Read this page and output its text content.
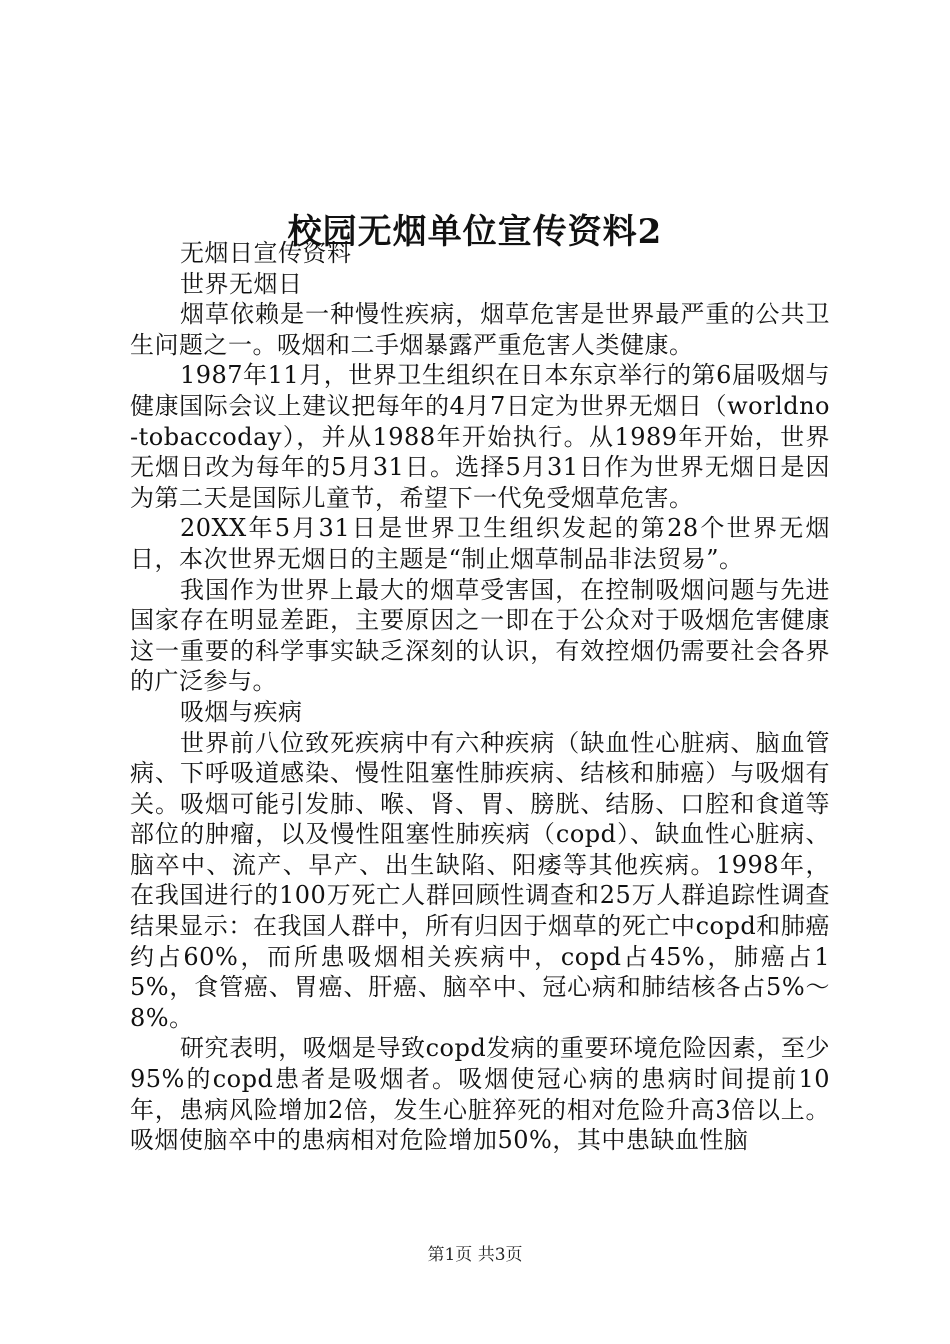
校园无烟单位宣传资料2

无烟日宣传资料

世界无烟日

烟草依赖是一种慢性疾病，烟草危害是世界最严重的公共卫生问题之一。吸烟和二手烟暴露严重危害人类健康。

1987年11月，世界卫生组织在日本东京举行的第6届吸烟与健康国际会议上建议把每年的4月7日定为世界无烟日（worldno-tobaccoday），并从1988年开始执行。从1989年开始，世界无烟日改为每年的5月31日。选择5月31日作为世界无烟日是因为第二天是国际儿童节，希望下一代免受烟草危害。

20XX年5月31日是世界卫生组织发起的第28个世界无烟日，本次世界无烟日的主题是“制止烟草制品非法贸易”。

我国作为世界上最大的烟草受害国，在控制吸烟问题与先进国家存在明显差距，主要原因之一即在于公众对于吸烟危害健康这一重要的科学事实缺乏深刻的认识，有效控烟仍需要社会各界的广泛参与。

吸烟与疾病

世界前八位致死疾病中有六种疾病（缺血性心脏病、脑血管病、下呼吸道感染、慢性阻塞性肺疾病、结核和肺癌）与吸烟有关。吸烟可能引发肺、喉、肾、胃、膀胱、结肠、口腔和食道等部位的肿瘤，以及慢性阻塞性肺疾病（copd）、缺血性心脏病、脑卒中、流产、早产、出生缺陷、阳痿等其他疾病。1998年，在我国进行的100万死亡人群回顾性调查和25万人群追踪性调查结果显示：在我国人群中，所有归因于烟草的死亡中copd和肺癌约占60%，而所患吸烟相关疾病中，copd占45%，肺癌占15%，食管癌、胃癌、肝癌、脑卒中、冠心病和肺结核各占5%～8%。

研究表明，吸烟是导致copd发病的重要环境危险因素，至少95%的copd患者是吸烟者。吸烟使冠心病的患病时间提前10年，患病风险增加2倍，发生心脏猝死的相对危险升高3倍以上。吸烟使脑卒中的患病相对危险增加50%，其中患缺血性脑

第1页 共3页
